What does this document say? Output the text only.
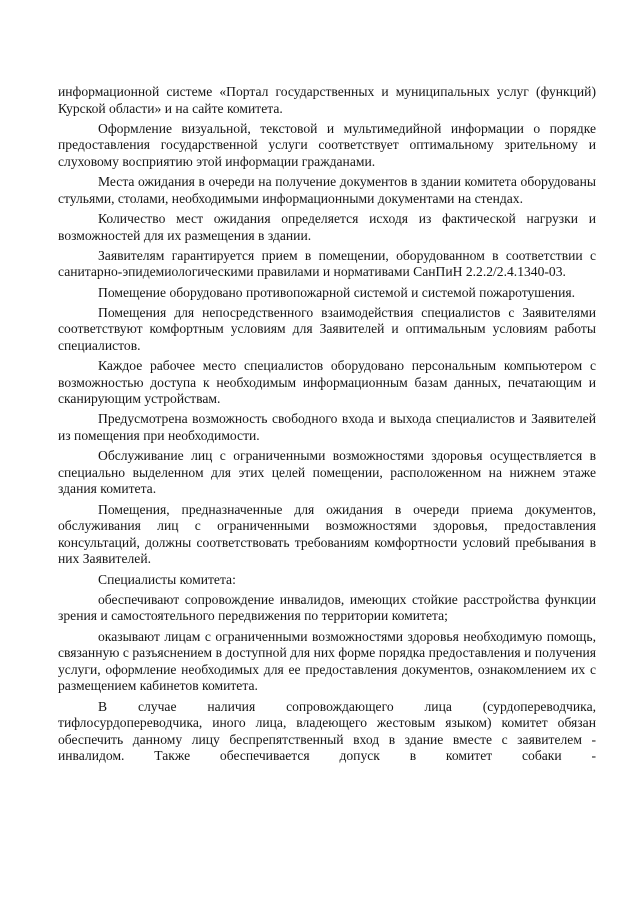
информационной системе «Портал государственных и муниципальных услуг (функций) Курской области» и на сайте комитета.

Оформление визуальной, текстовой и мультимедийной информации о порядке предоставления государственной услуги соответствует оптимальному зрительному и слуховому восприятию этой информации гражданами.

Места ожидания в очереди на получение документов в здании комитета оборудованы стульями, столами, необходимыми информационными документами на стендах.

Количество мест ожидания определяется исходя из фактической нагрузки и возможностей для их размещения в здании.

Заявителям гарантируется прием в помещении, оборудованном в соответствии с санитарно-эпидемиологическими правилами и нормативами СанПиН 2.2.2/2.4.1340-03.

Помещение оборудовано противопожарной системой и системой пожаротушения.

Помещения для непосредственного взаимодействия специалистов с Заявителями соответствуют комфортным условиям для Заявителей и оптимальным условиям работы специалистов.

Каждое рабочее место специалистов оборудовано персональным компьютером с возможностью доступа к необходимым информационным базам данных, печатающим и сканирующим устройствам.

Предусмотрена возможность свободного входа и выхода специалистов и Заявителей из помещения при необходимости.

Обслуживание лиц с ограниченными возможностями здоровья осуществляется в специально выделенном для этих целей помещении, расположенном на нижнем этаже здания комитета.

Помещения, предназначенные для ожидания в очереди приема документов, обслуживания лиц с ограниченными возможностями здоровья, предоставления консультаций, должны соответствовать требованиям комфортности условий пребывания в них Заявителей.

Специалисты комитета:

обеспечивают сопровождение инвалидов, имеющих стойкие расстройства функции зрения и самостоятельного передвижения по территории комитета;

оказывают лицам с ограниченными возможностями здоровья необходимую помощь, связанную с разъяснением в доступной для них форме порядка предоставления и получения услуги, оформление необходимых для ее предоставления документов, ознакомлением их с размещением кабинетов комитета.

В случае наличия сопровождающего лица (сурдопереводчика, тифлосурдопереводчика, иного лица, владеющего жестовым языком) комитет обязан обеспечить данному лицу беспрепятственный вход в здание вместе с заявителем - инвалидом. Также обеспечивается допуск в комитет собаки -
